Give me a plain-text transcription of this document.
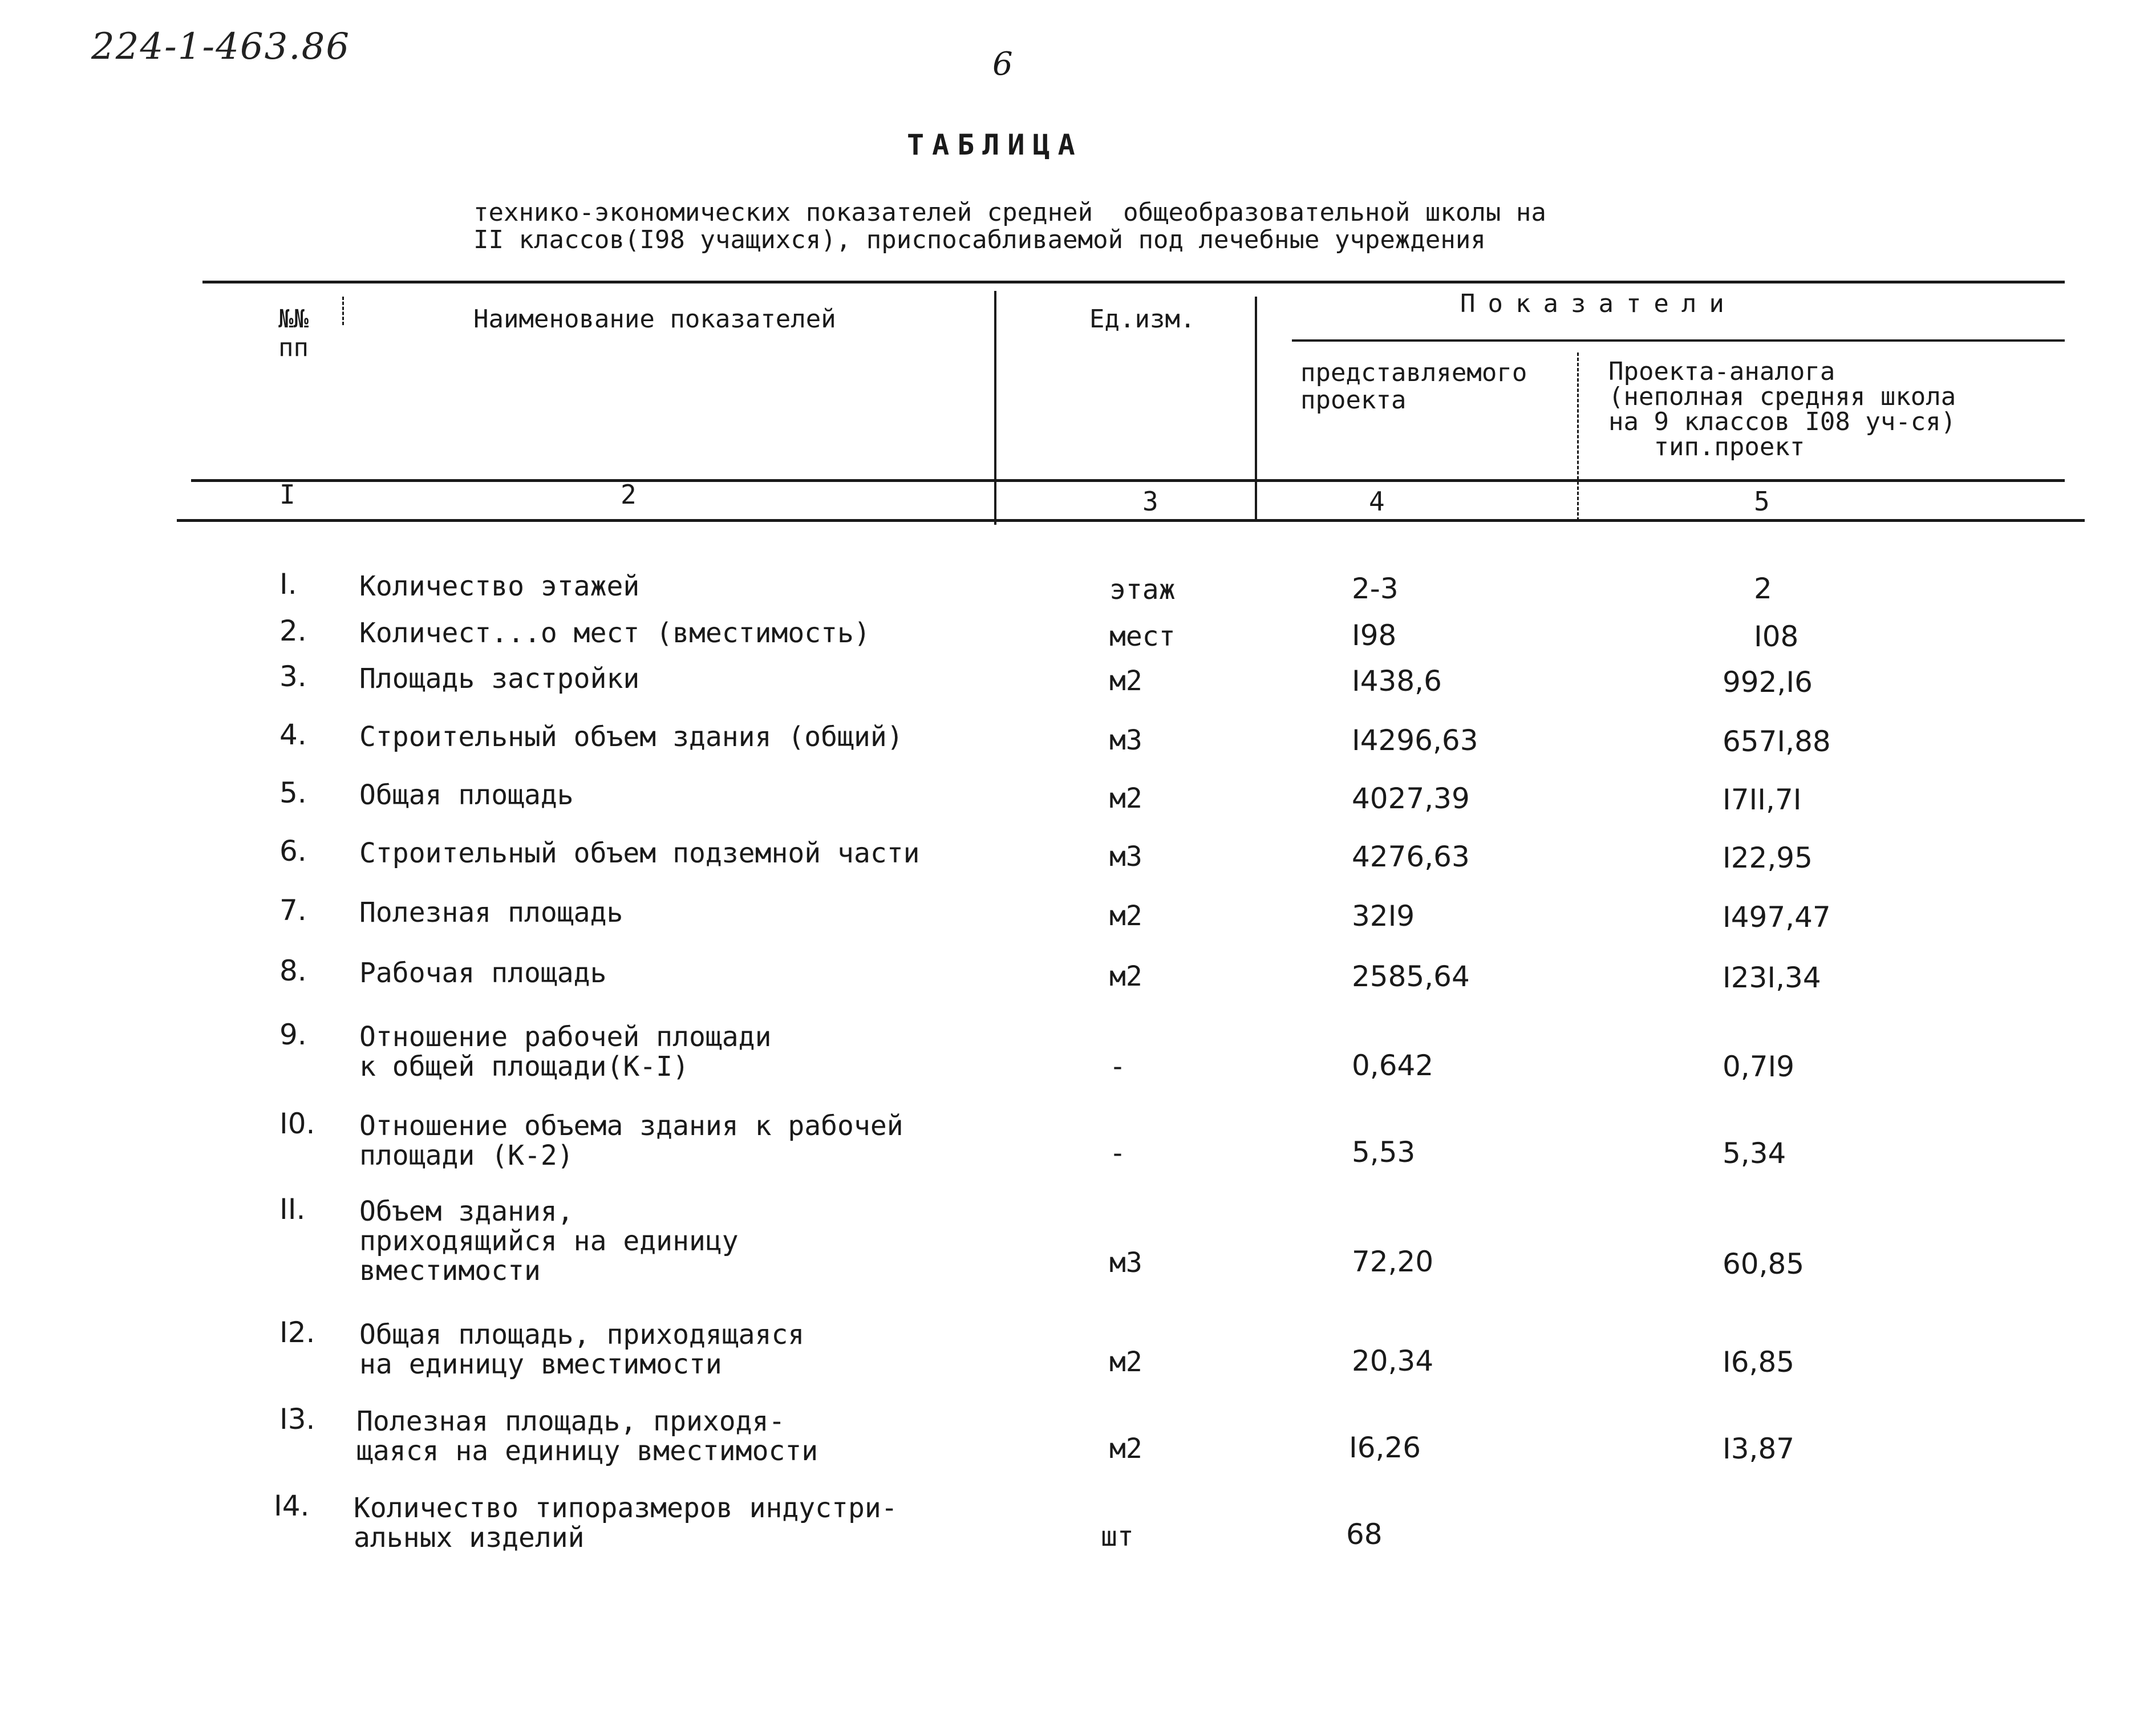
224-1-463.86	6
ТАБЛИЦА
технико-экономических показателей средней  общеобразовательной школы на
II классов(I98 учащихся), приспосабливаемой под лечебные учреждения
№№
пп
Наименование показателей	Ед.изм.
Показатели
представляемого
проекта
Проекта-аналога
(неполная средняя школа
на 9 классов I08 уч-ся)
тип.проект
I	2	3	4	5
I. Количество этажей	этаж	2-3	2
2. Количест...о мест (вместимость)	мест	I98	I08
3. Площадь застройки	м2	I438,6	992,I6
4. Строительный объем здания (общий)	м3	I4296,63	657I,88
5. Общая площадь	м2	4027,39	I7II,7I
6. Строительный объем подземной части	м3	4276,63	I22,95
7. Полезная площадь	м2	32I9	I497,47
8. Рабочая площадь	м2	2585,64	I23I,34
9. Отношение рабочей площади
к общей площади(К-I)	-	0,642	0,7I9
I0. Отношение объема здания к рабочей
площади (К-2)	-	5,53	5,34
II. Объем здания,
приходящийся на единицу
вместимости	м3	72,20	60,85
I2. Общая площадь, приходящаяся
на единицу вместимости	м2	20,34	I6,85
I3. Полезная площадь, приходя-
щаяся на единицу вместимости	м2	I6,26	I3,87
I4. Количество типоразмеров индустри-
альных изделий	шт	68
